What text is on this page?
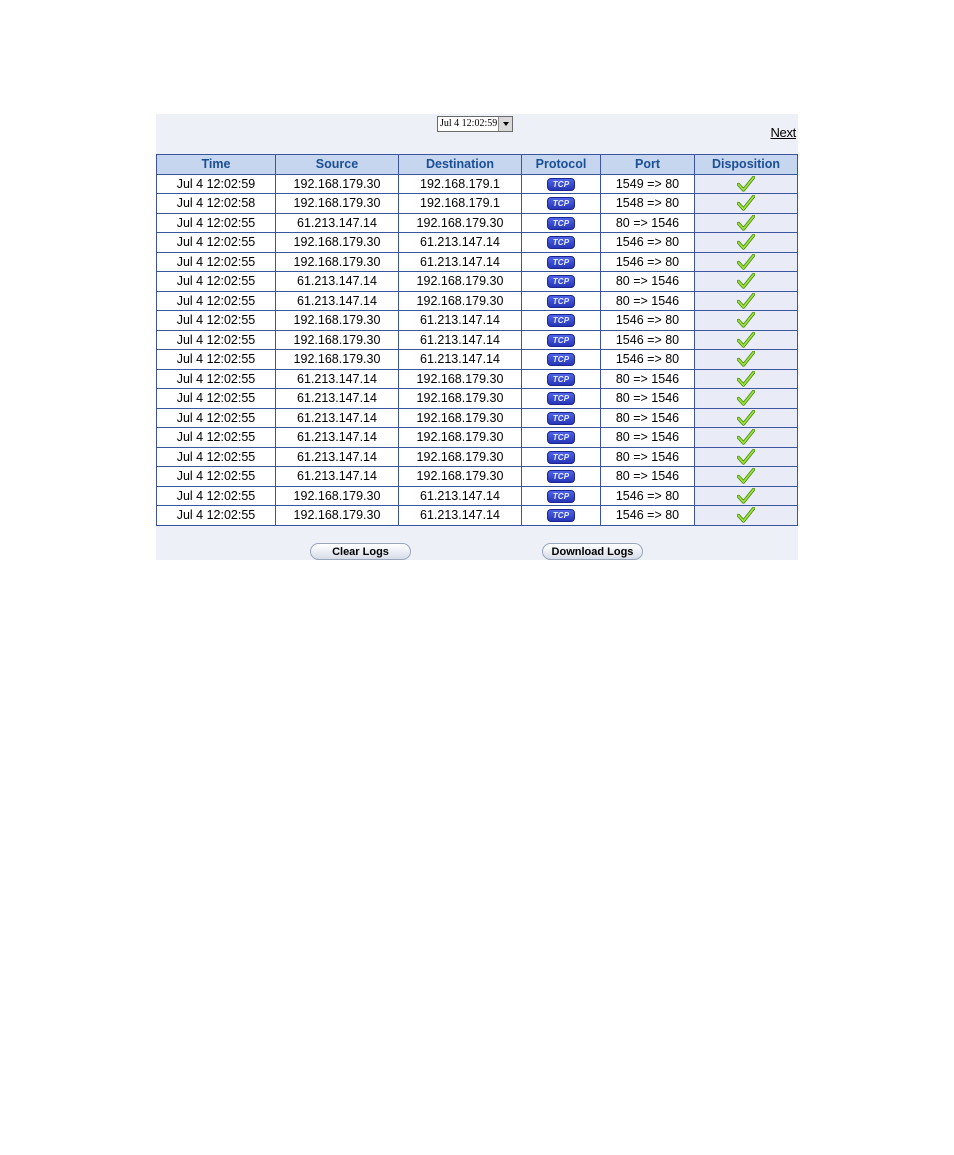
Jul 4 12:02:59
Next
Time	Source	Destination	Protocol	Port	Disposition
Jul 4 12:02:59	192.168.179.30	192.168.179.1	TCP	1549 => 80	
Jul 4 12:02:58	192.168.179.30	192.168.179.1	TCP	1548 => 80	
Jul 4 12:02:55	61.213.147.14	192.168.179.30	TCP	80 => 1546	
Jul 4 12:02:55	192.168.179.30	61.213.147.14	TCP	1546 => 80	
Jul 4 12:02:55	192.168.179.30	61.213.147.14	TCP	1546 => 80	
Jul 4 12:02:55	61.213.147.14	192.168.179.30	TCP	80 => 1546	
Jul 4 12:02:55	61.213.147.14	192.168.179.30	TCP	80 => 1546	
Jul 4 12:02:55	192.168.179.30	61.213.147.14	TCP	1546 => 80	
Jul 4 12:02:55	192.168.179.30	61.213.147.14	TCP	1546 => 80	
Jul 4 12:02:55	192.168.179.30	61.213.147.14	TCP	1546 => 80	
Jul 4 12:02:55	61.213.147.14	192.168.179.30	TCP	80 => 1546	
Jul 4 12:02:55	61.213.147.14	192.168.179.30	TCP	80 => 1546	
Jul 4 12:02:55	61.213.147.14	192.168.179.30	TCP	80 => 1546	
Jul 4 12:02:55	61.213.147.14	192.168.179.30	TCP	80 => 1546	
Jul 4 12:02:55	61.213.147.14	192.168.179.30	TCP	80 => 1546	
Jul 4 12:02:55	61.213.147.14	192.168.179.30	TCP	80 => 1546	
Jul 4 12:02:55	192.168.179.30	61.213.147.14	TCP	1546 => 80	
Jul 4 12:02:55	192.168.179.30	61.213.147.14	TCP	1546 => 80	
Clear Logs	Download Logs
